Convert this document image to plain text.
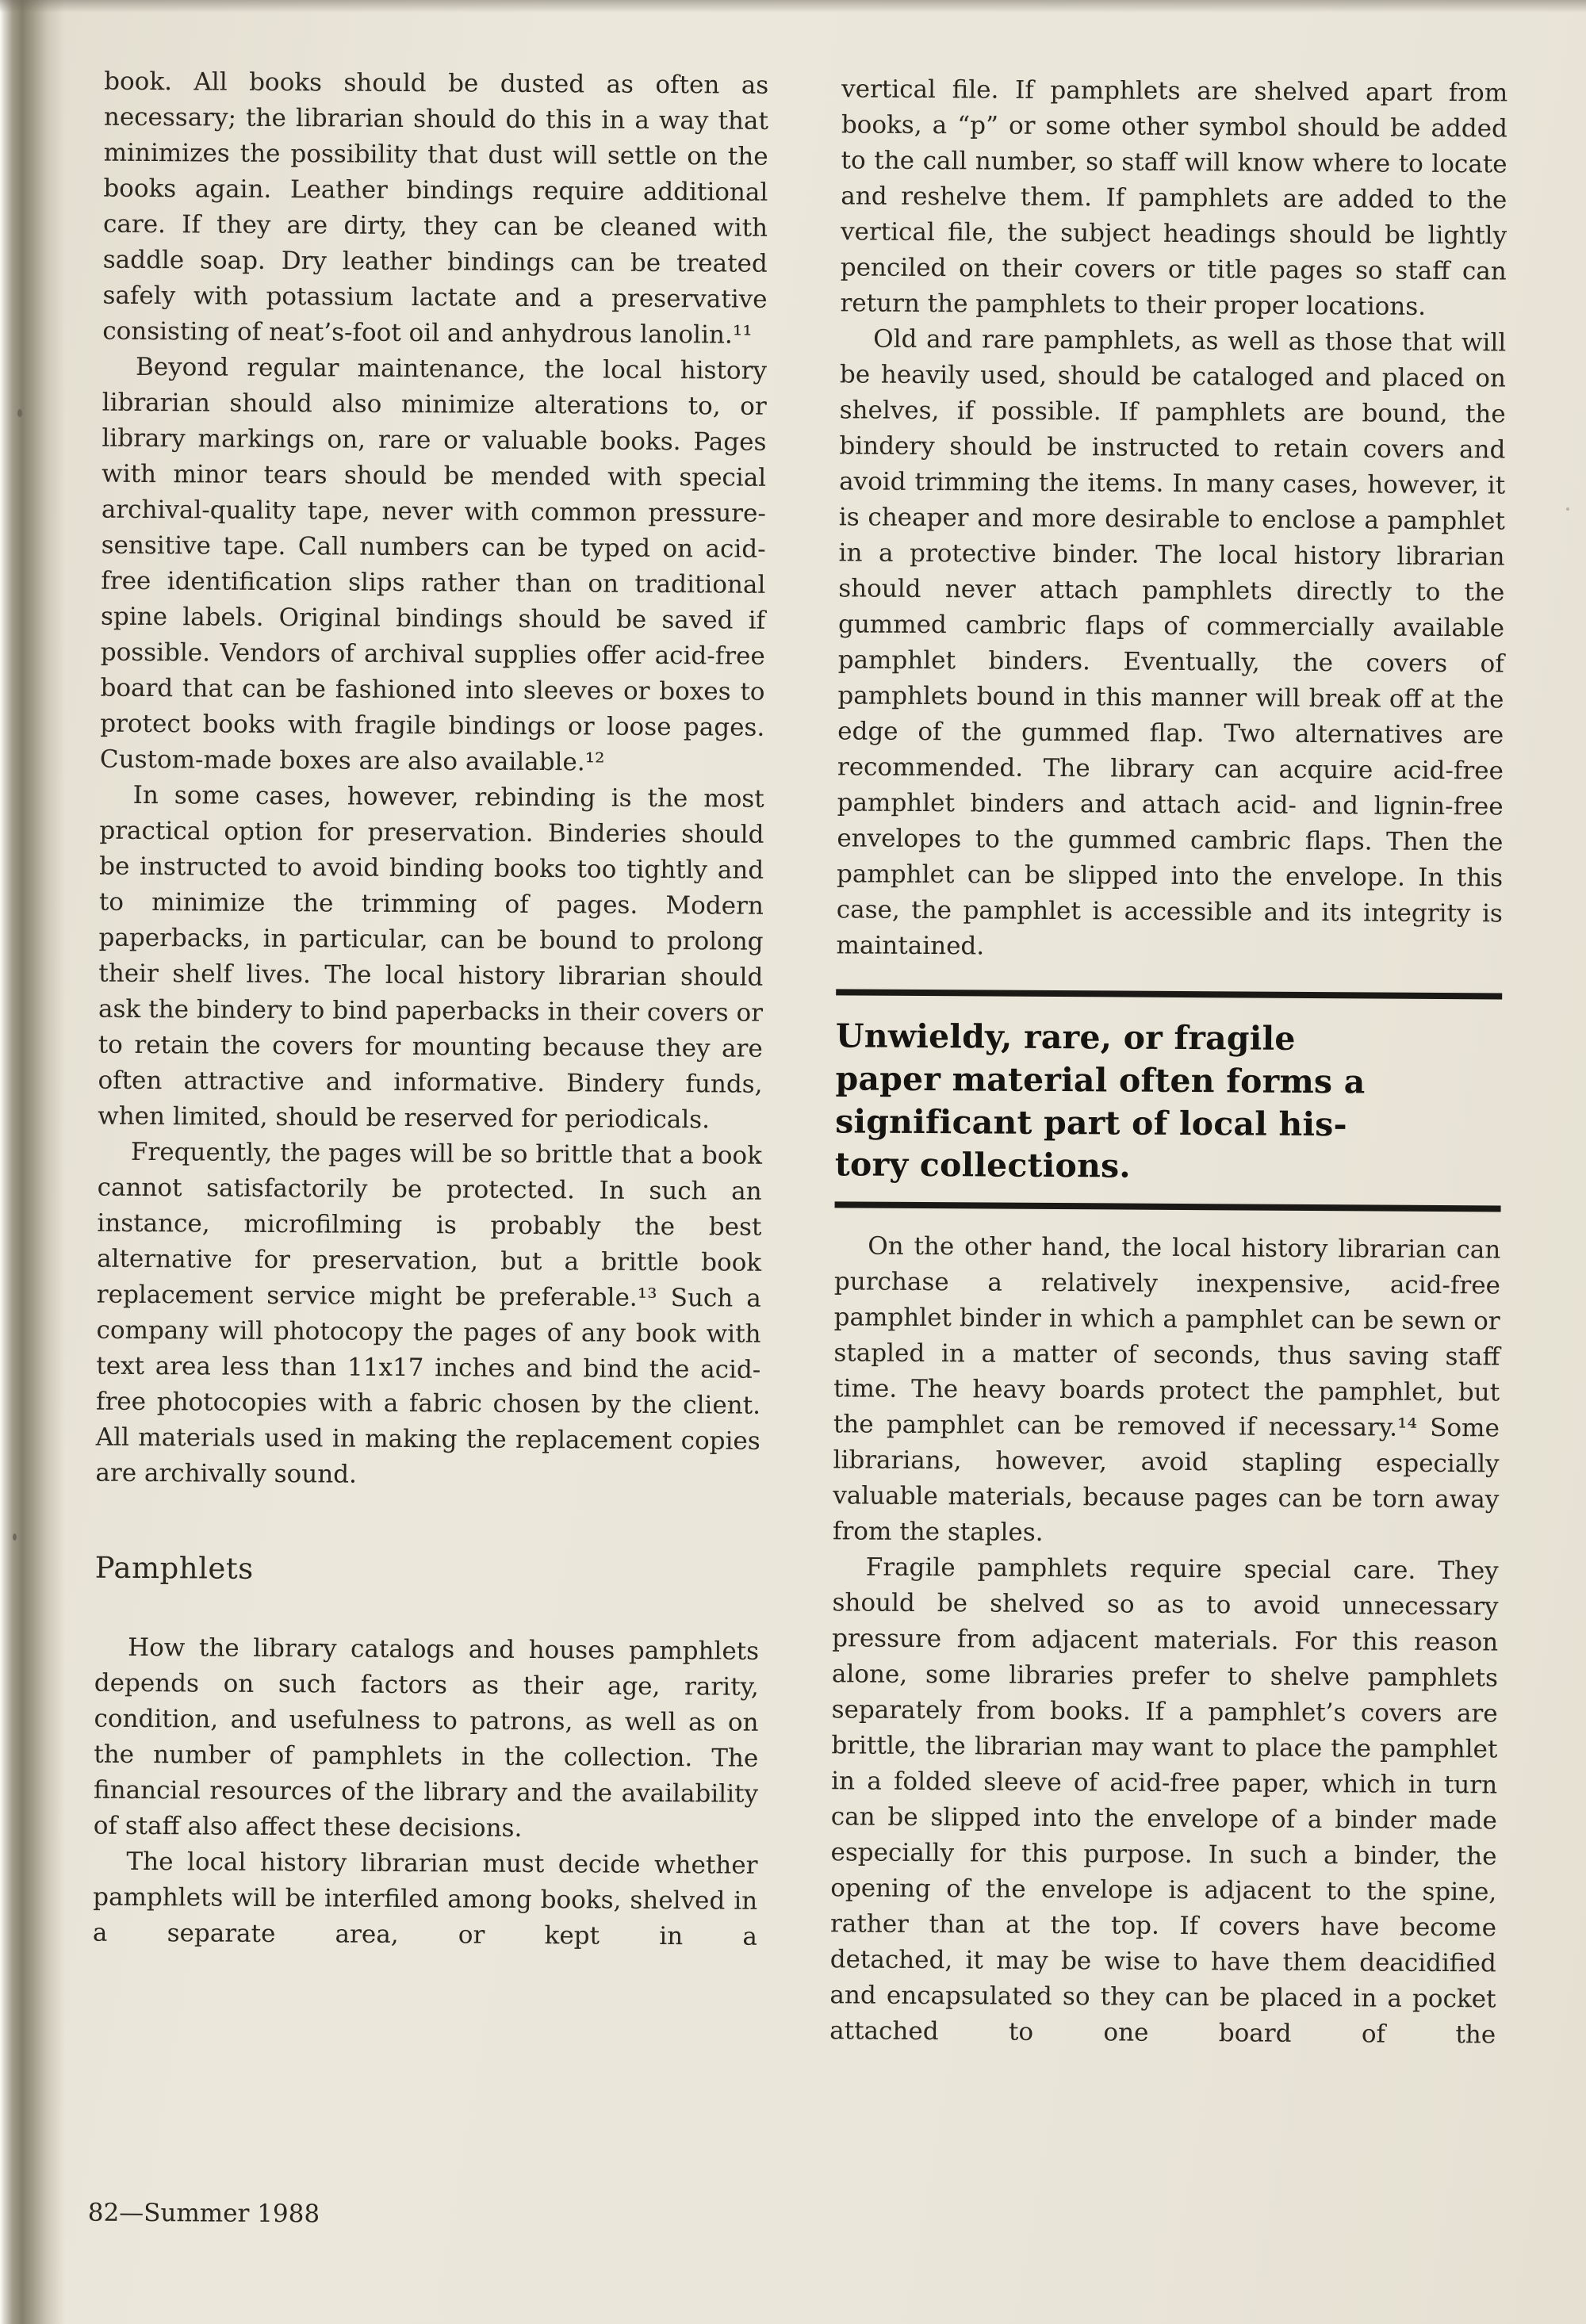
book. All books should be dusted as often as necessary; the librarian should do this in a way that minimizes the possibility that dust will settle on the books again. Leather bindings require additional care. If they are dirty, they can be cleaned with saddle soap. Dry leather bindings can be treated safely with potassium lactate and a preservative consisting of neat’s-foot oil and anhydrous lanolin.¹¹

Beyond regular maintenance, the local history librarian should also minimize alterations to, or library markings on, rare or valuable books. Pages with minor tears should be mended with special archival-quality tape, never with common pressure-sensitive tape. Call numbers can be typed on acid-free identification slips rather than on traditional spine labels. Original bindings should be saved if possible. Vendors of archival supplies offer acid-free board that can be fashioned into sleeves or boxes to protect books with fragile bindings or loose pages. Custom-made boxes are also available.¹²

In some cases, however, rebinding is the most practical option for preservation. Binderies should be instructed to avoid binding books too tightly and to minimize the trimming of pages. Modern paperbacks, in particular, can be bound to prolong their shelf lives. The local history librarian should ask the bindery to bind paperbacks in their covers or to retain the covers for mounting because they are often attractive and informative. Bindery funds, when limited, should be reserved for periodicals.

Frequently, the pages will be so brittle that a book cannot satisfactorily be protected. In such an instance, microfilming is probably the best alternative for preservation, but a brittle book replacement service might be preferable.¹³ Such a company will photocopy the pages of any book with text area less than 11x17 inches and bind the acid-free photocopies with a fabric chosen by the client. All materials used in making the replacement copies are archivally sound.

Pamphlets

How the library catalogs and houses pamphlets depends on such factors as their age, rarity, condition, and usefulness to patrons, as well as on the number of pamphlets in the collection. The financial resources of the library and the availability of staff also affect these decisions.

The local history librarian must decide whether pamphlets will be interfiled among books, shelved in a separate area, or kept in a

vertical file. If pamphlets are shelved apart from books, a “p” or some other symbol should be added to the call number, so staff will know where to locate and reshelve them. If pamphlets are added to the vertical file, the subject headings should be lightly penciled on their covers or title pages so staff can return the pamphlets to their proper locations.

Old and rare pamphlets, as well as those that will be heavily used, should be cataloged and placed on shelves, if possible. If pamphlets are bound, the bindery should be instructed to retain covers and avoid trimming the items. In many cases, however, it is cheaper and more desirable to enclose a pamphlet in a protective binder. The local history librarian should never attach pamphlets directly to the gummed cambric flaps of commercially available pamphlet binders. Eventually, the covers of pamphlets bound in this manner will break off at the edge of the gummed flap. Two alternatives are recommended. The library can acquire acid-free pamphlet binders and attach acid- and lignin-free envelopes to the gummed cambric flaps. Then the pamphlet can be slipped into the envelope. In this case, the pamphlet is accessible and its integrity is maintained.

Unwieldy, rare, or fragile
paper material often forms a
significant part of local his-
tory collections.

On the other hand, the local history librarian can purchase a relatively inexpensive, acid-free pamphlet binder in which a pamphlet can be sewn or stapled in a matter of seconds, thus saving staff time. The heavy boards protect the pamphlet, but the pamphlet can be removed if necessary.¹⁴ Some librarians, however, avoid stapling especially valuable materials, because pages can be torn away from the staples.

Fragile pamphlets require special care. They should be shelved so as to avoid unnecessary pressure from adjacent materials. For this reason alone, some libraries prefer to shelve pamphlets separately from books. If a pamphlet’s covers are brittle, the librarian may want to place the pamphlet in a folded sleeve of acid-free paper, which in turn can be slipped into the envelope of a binder made especially for this purpose. In such a binder, the opening of the envelope is adjacent to the spine, rather than at the top. If covers have become detached, it may be wise to have them deacidified and encapsulated so they can be placed in a pocket attached to one board of the

82—Summer 1988
